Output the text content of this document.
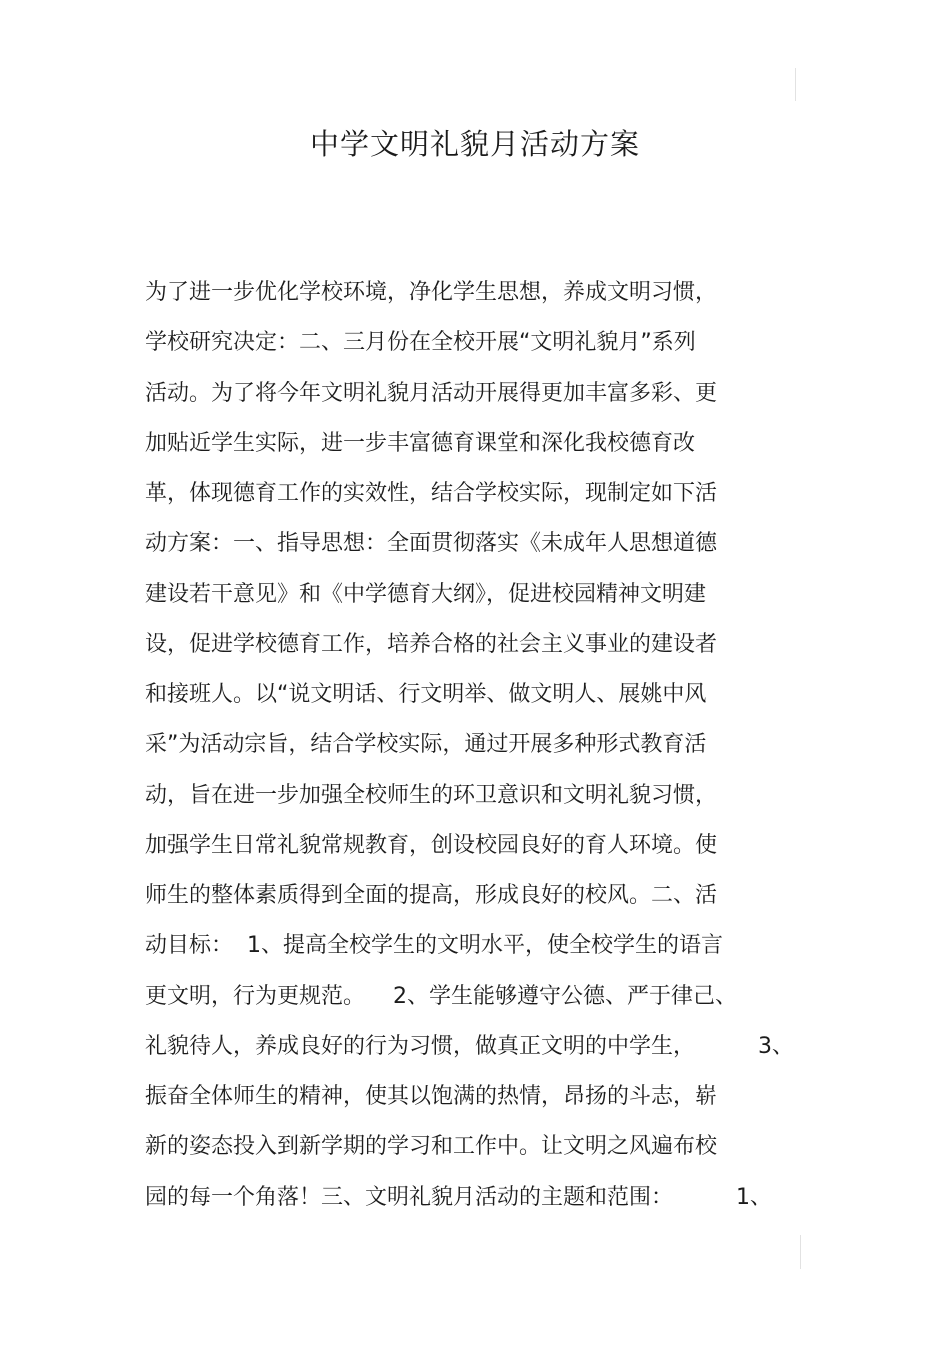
中学文明礼貌月活动方案
为了进一步优化学校环境，净化学生思想，养成文明习惯，
学校研究决定：二、三月份在全校开展“文明礼貌月”系列
活动。为了将今年文明礼貌月活动开展得更加丰富多彩、更
加贴近学生实际，进一步丰富德育课堂和深化我校德育改
革，体现德育工作的实效性，结合学校实际，现制定如下活
动方案：一、指导思想：全面贯彻落实《未成年人思想道德
建设若干意见》和《中学德育大纲》，促进校园精神文明建
设，促进学校德育工作，培养合格的社会主义事业的建设者
和接班人。以“说文明话、行文明举、做文明人、展姚中风
采”为活动宗旨，结合学校实际，通过开展多种形式教育活
动，旨在进一步加强全校师生的环卫意识和文明礼貌习惯，
加强学生日常礼貌常规教育，创设校园良好的育人环境。使
师生的整体素质得到全面的提高，形成良好的校风。二、活
动目标：  1、提高全校学生的文明水平，使全校学生的语言
更文明，行为更规范。    2、学生能够遵守公德、严于律己、
礼貌待人，养成良好的行为习惯，做真正文明的中学生，         3、
振奋全体师生的精神，使其以饱满的热情，昂扬的斗志，崭
新的姿态投入到新学期的学习和工作中。让文明之风遍布校
园的每一个角落！三、文明礼貌月活动的主题和范围：         1、
